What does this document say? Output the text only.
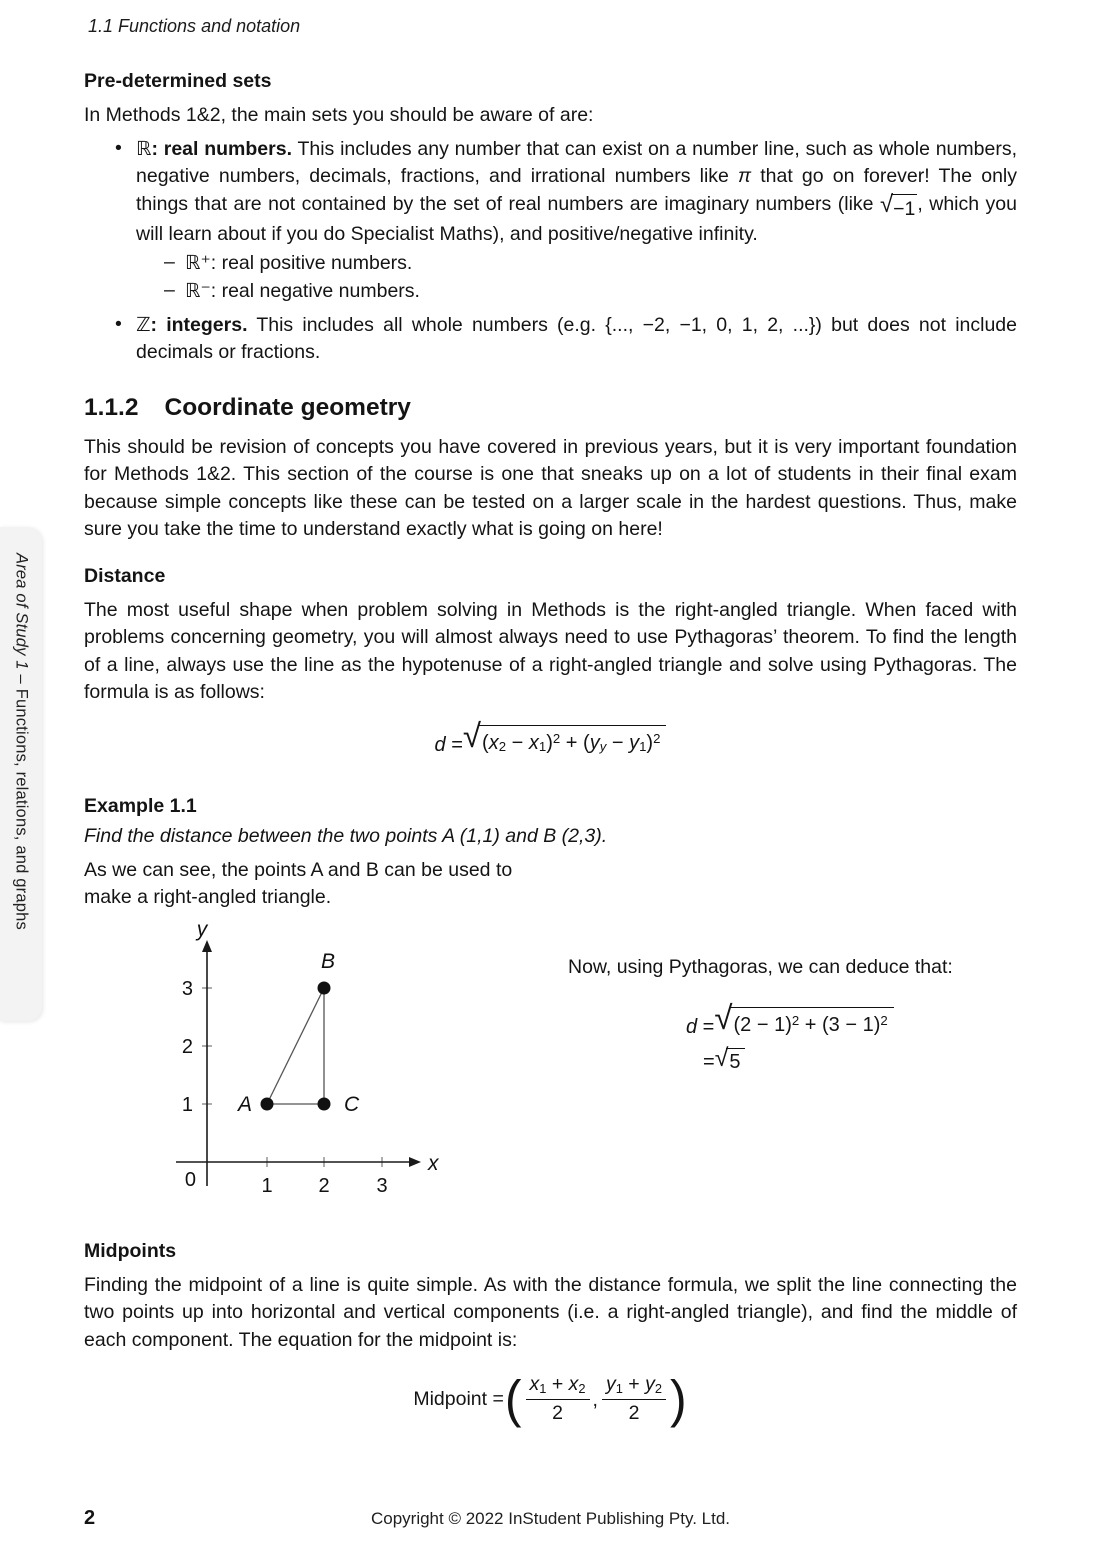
1.1 Functions and notation
Area of Study 1 – Functions, relations, and graphs
Pre-determined sets

In Methods 1&2, the main sets you should be aware of are:

• ℝ: real numbers. This includes any number that can exist on a number line, such as whole numbers, negative numbers, decimals, fractions, and irrational numbers like π that go on forever! The only things that are not contained by the set of real numbers are imaginary numbers (like √ −1 , which you will learn about if you do Specialist Maths), and positive/negative infinity.
– ℝ⁺: real positive numbers.
– ℝ⁻: real negative numbers.
• ℤ: integers. This includes all whole numbers (e.g. {..., −2, −1, 0, 1, 2, ...}) but does not include decimals or fractions.
1.1.2 Coordinate geometry

This should be revision of concepts you have covered in previous years, but it is very important foundation for Methods 1&2. This section of the course is one that sneaks up on a lot of students in their final exam because simple concepts like these can be tested on a larger scale in the hardest questions. Thus, make sure you take the time to understand exactly what is going on here!

Distance

The most useful shape when problem solving in Methods is the right-angled triangle. When faced with problems concerning geometry, you will almost always need to use Pythagoras’ theorem. To find the length of a line, always use the line as the hypotenuse of a right-angled triangle and solve using Pythagoras. The formula is as follows:

d = √ $(x_2 - x_1)^2 + (y_y - y_1)^2$
Example 1.1

Find the distance between the two points A (1,1) and B (2,3).

As we can see, the points A and B can be used to
make a right-angled triangle.
A
B
C
x
y
0	1 2 3
3
2
1
Now, using Pythagoras, we can deduce that:
d = √ $(2 - 1)^2 + (3 - 1)^2$
= √ 5
Midpoints

Finding the midpoint of a line is quite simple. As with the distance formula, we split the line connecting the two points up into horizontal and vertical components (i.e. a right-angled triangle), and find the middle of each component. The equation for the midpoint is:

Midpoint = ( $\frac{x_1 + x_2}{2}$ , $\frac{y_1 + y_2}{2}$ )
2	Copyright © 2022 InStudent Publishing Pty. Ltd.
